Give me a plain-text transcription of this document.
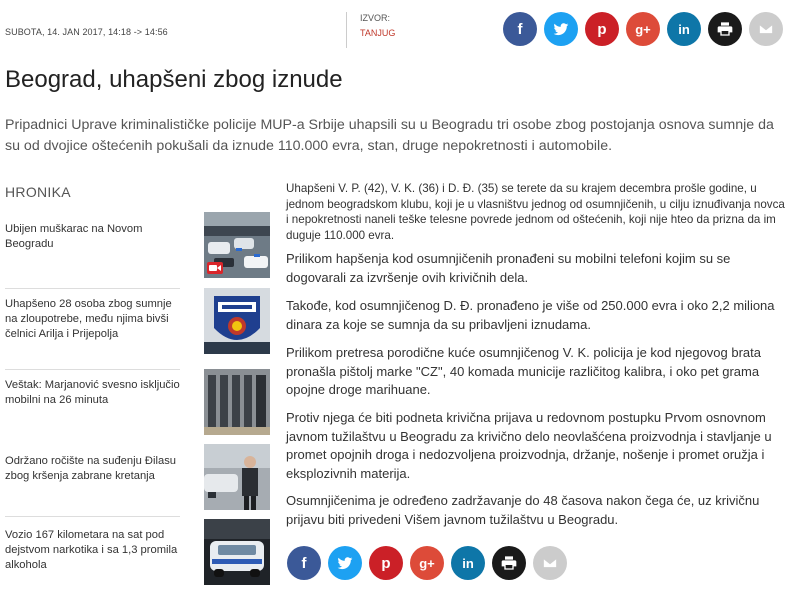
SUBOTA, 14. JAN 2017, 14:18 -> 14:56
IZVOR:
TANJUG	f	p g+ in
Beograd, uhapšeni zbog iznude

Pripadnici Uprave kriminalističke policije MUP-a Srbije uhapsili su u Beogradu tri osobe zbog postojanja osnova sumnje da su od dvojice oštećenih pokušali da iznude 110.000 evra, stan, druge nepokretnosti i automobile.

HRONIKA
Ubijen muškarac na Novom Beogradu
Uhapšeno 28 osoba zbog sumnje na zloupotrebe, među njima bivši čelnici Arilja i Prijepolja
Veštak: Marjanović svesno isključio mobilni na 26 minuta
Održano ročište na suđenju Đilasu zbog kršenja zabrane kretanja
Vozio 167 kilometara na sat pod dejstvom narkotika i sa 1,3 promila alkohola

Uhapšeni V. P. (42), V. K. (36) i D. Đ. (35) se terete da su krajem decembra prošle godine, u jednom beogradskom klubu, koji je u vlasništvu jednog od osumnjičenih, u cilju iznuđivanja novca i nepokretnosti naneli teške telesne povrede jednom od oštećenih, koji nije hteo da prizna da im duguje 110.000 evra.

Prilikom hapšenja kod osumnjičenih pronađeni su mobilni telefoni kojim su se dogovarali za izvršenje ovih krivičnih dela.

Takođe, kod osumnjičenog D. Đ. pronađeno je više od 250.000 evra i oko 2,2 miliona dinara za koje se sumnja da su pribavljeni iznudama.

Prilikom pretresa porodične kuće osumnjičenog V. K. policija je kod njegovog brata pronašla pištolj marke "CZ", 40 komada municije različitog kalibra, i oko pet grama opojne droge marihuane.

Protiv njega će biti podneta krivična prijava u redovnom postupku Prvom osnovnom javnom tužilaštvu u Beogradu za krivično delo neovlašćena proizvodnja i stavljanje u promet opojnih droga i nedozvoljena proizvodnja, držanje, nošenje i promet oružja i eksplozivnih materija.

Osumnjičenima je određeno zadržavanje do 48 časova nakon čega će, uz krivičnu prijavu biti privedeni Višem javnom tužilaštvu u Beogradu.

f	p g+ in
